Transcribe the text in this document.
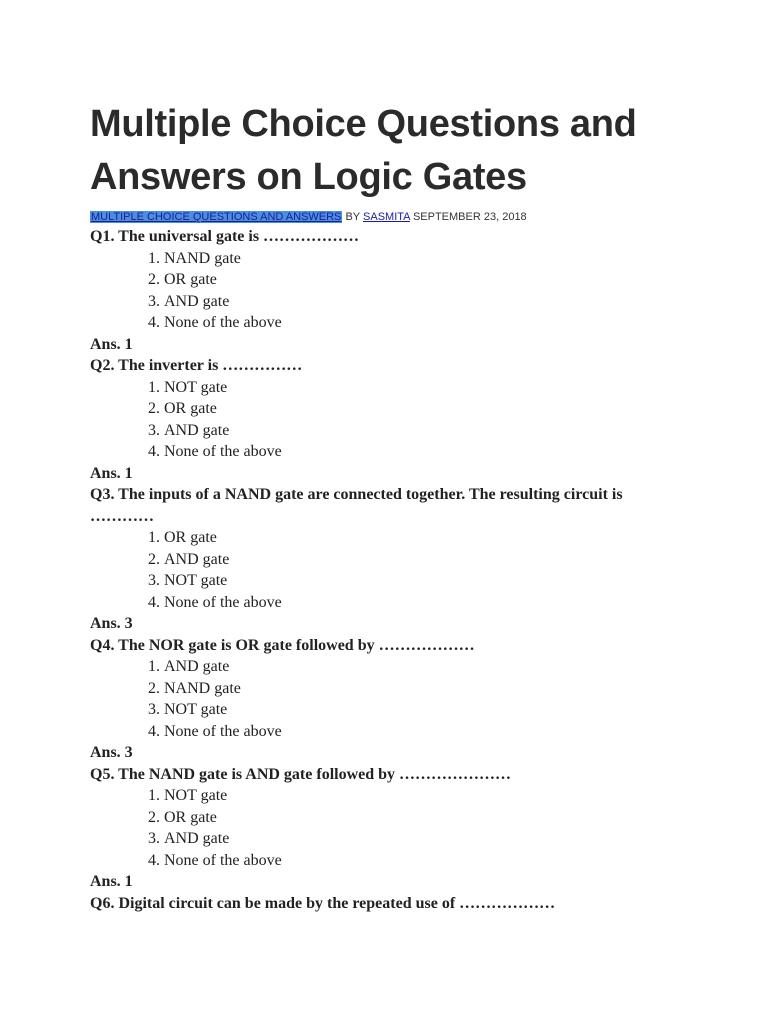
Multiple Choice Questions and Answers on Logic Gates
MULTIPLE CHOICE QUESTIONS AND ANSWERS BY SASMITA SEPTEMBER 23, 2018

Q1. The universal gate is ………………

1. NAND gate
2. OR gate
3. AND gate
4. None of the above

Ans. 1

Q2. The inverter is ……………

1. NOT gate
2. OR gate
3. AND gate
4. None of the above

Ans. 1

Q3. The inputs of a NAND gate are connected together. The resulting circuit is …………

1. OR gate
2. AND gate
3. NOT gate
4. None of the above

Ans. 3

Q4. The NOR gate is OR gate followed by ………………

1. AND gate
2. NAND gate
3. NOT gate
4. None of the above

Ans. 3

Q5. The NAND gate is AND gate followed by …………………

1. NOT gate
2. OR gate
3. AND gate
4. None of the above

Ans. 1

Q6. Digital circuit can be made by the repeated use of ………………
